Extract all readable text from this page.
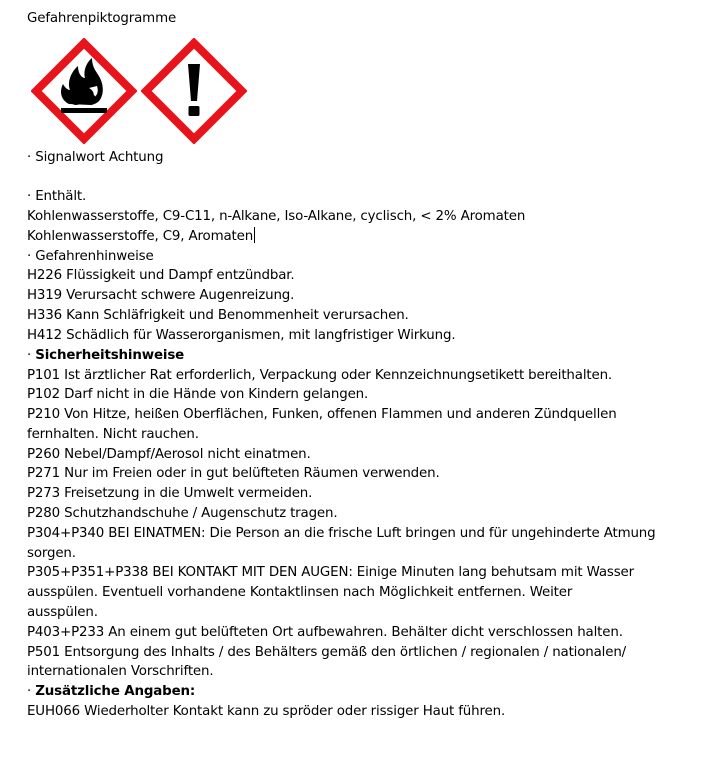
Gefahrenpiktogramme
· Signalwort Achtung
· Enthält.
Kohlenwasserstoffe, C9-C11, n-Alkane, Iso-Alkane, cyclisch, < 2% Aromaten
Kohlenwasserstoffe, C9, Aromaten
· Gefahrenhinweise
H226 Flüssigkeit und Dampf entzündbar.
H319 Verursacht schwere Augenreizung.
H336 Kann Schläfrigkeit und Benommenheit verursachen.
H412 Schädlich für Wasserorganismen, mit langfristiger Wirkung.
· Sicherheitshinweise
P101 Ist ärztlicher Rat erforderlich, Verpackung oder Kennzeichnungsetikett bereithalten.
P102 Darf nicht in die Hände von Kindern gelangen.
P210 Von Hitze, heißen Oberflächen, Funken, offenen Flammen und anderen Zündquellen
fernhalten. Nicht rauchen.
P260 Nebel/Dampf/Aerosol nicht einatmen.
P271 Nur im Freien oder in gut belüfteten Räumen verwenden.
P273 Freisetzung in die Umwelt vermeiden.
P280 Schutzhandschuhe / Augenschutz tragen.
P304+P340 BEI EINATMEN: Die Person an die frische Luft bringen und für ungehinderte Atmung
sorgen.
P305+P351+P338 BEI KONTAKT MIT DEN AUGEN: Einige Minuten lang behutsam mit Wasser
ausspülen. Eventuell vorhandene Kontaktlinsen nach Möglichkeit entfernen. Weiter
ausspülen.
P403+P233 An einem gut belüfteten Ort aufbewahren. Behälter dicht verschlossen halten.
P501 Entsorgung des Inhalts / des Behälters gemäß den örtlichen / regionalen / nationalen/
internationalen Vorschriften.
· Zusätzliche Angaben:
EUH066 Wiederholter Kontakt kann zu spröder oder rissiger Haut führen.
